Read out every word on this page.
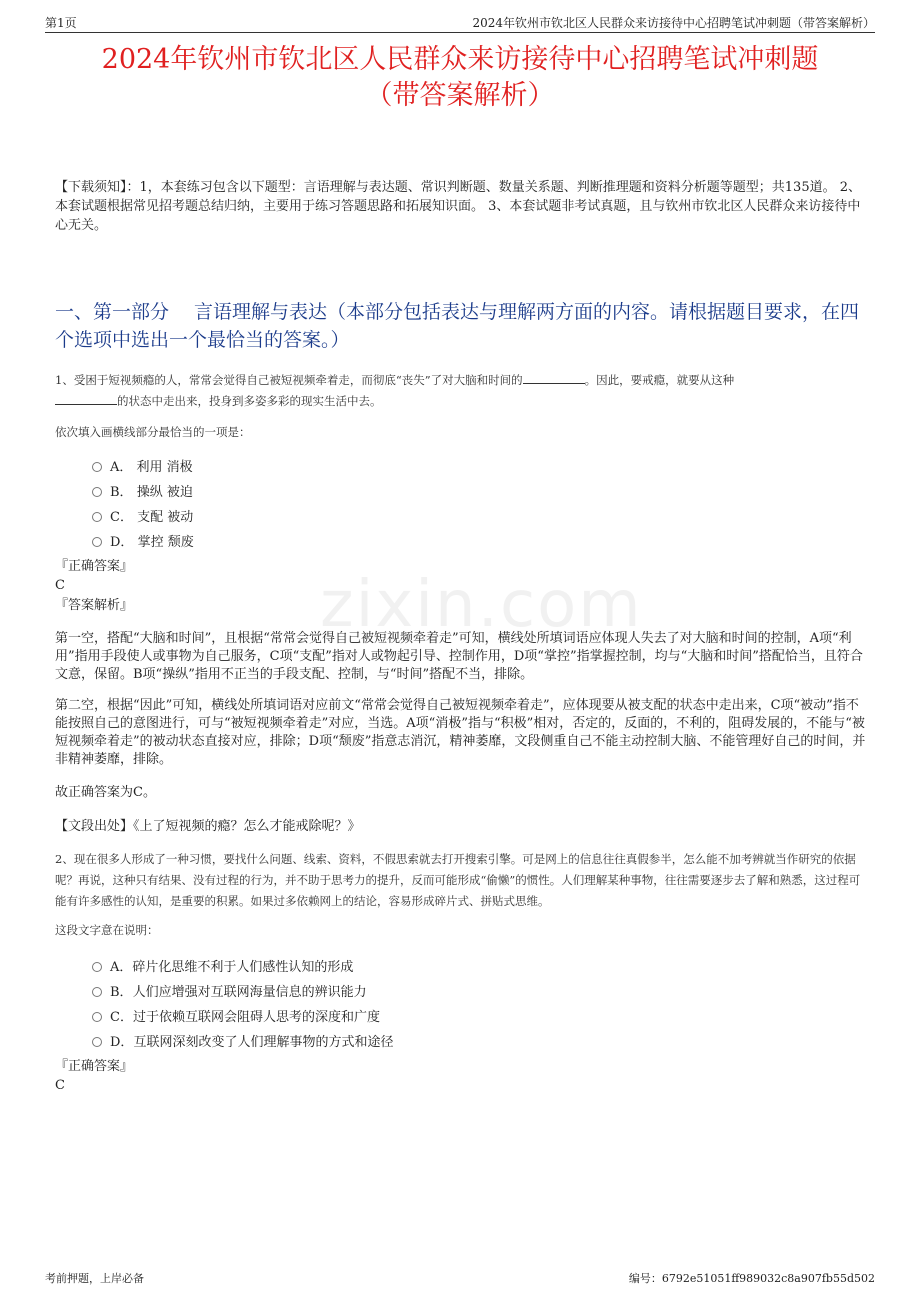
第1页	2024年钦州市钦北区人民群众来访接待中心招聘笔试冲刺题（带答案解析）
2024年钦州市钦北区人民群众来访接待中心招聘笔试冲刺题
（带答案解析）
【下载须知】：1，本套练习包含以下题型：言语理解与表达题、常识判断题、数量关系题、判断推理题和资料分析题等题型；共135道。 2、本套试题根据常见招考题总结归纳，主要用于练习答题思路和拓展知识面。 3、本套试题非考试真题，且与钦州市钦北区人民群众来访接待中心无关。
一、第一部分　 言语理解与表达（本部分包括表达与理解两方面的内容。请根据题目要求，在四个选项中选出一个最恰当的答案。）
zixin.com
1、受困于短视频瘾的人，常常会觉得自己被短视频牵着走，而彻底“丧失”了对大脑和时间的	。因此，要戒瘾，就要从这种
的状态中走出来，投身到多姿多彩的现实生活中去。
依次填入画横线部分最恰当的一项是：
A．
利用 消极
B．
操纵 被迫
C．
支配 被动
D．
掌控 颓废
『正确答案』
C
『答案解析』
第一空，搭配“大脑和时间”，且根据“常常会觉得自己被短视频牵着走”可知，横线处所填词语应体现人失去了对大脑和时间的控制，A项“利用”指用手段使人或事物为自己服务，C项“支配”指对人或物起引导、控制作用，D项“掌控”指掌握控制，均与“大脑和时间”搭配恰当，且符合文意，保留。B项“操纵”指用不正当的手段支配、控制，与“时间”搭配不当，排除。
第二空，根据“因此”可知，横线处所填词语对应前文“常常会觉得自己被短视频牵着走”，应体现要从被支配的状态中走出来，C项“被动”指不能按照自己的意图进行，可与“被短视频牵着走”对应，当选。A项“消极”指与“积极”相对，否定的，反面的，不利的，阻碍发展的，不能与“被短视频牵着走”的被动状态直接对应，排除；D项“颓废”指意志消沉，精神萎靡，文段侧重自己不能主动控制大脑、不能管理好自己的时间，并非精神萎靡，排除。
故正确答案为C。
【文段出处】《上了短视频的瘾？怎么才能戒除呢？》
2、现在很多人形成了一种习惯，要找什么问题、线索、资料，不假思索就去打开搜索引擎。可是网上的信息往往真假参半，怎么能不加考辨就当作研究的依据呢？再说，这种只有结果、没有过程的行为，并不助于思考力的提升，反而可能形成“偷懒”的惯性。人们理解某种事物，往往需要逐步去了解和熟悉，这过程可能有许多感性的认知，是重要的积累。如果过多依赖网上的结论，容易形成碎片式、拼贴式思维。
这段文字意在说明：
A． 碎片化思维不利于人们感性认知的形成
B． 人们应增强对互联网海量信息的辨识能力
C． 过于依赖互联网会阻碍人思考的深度和广度
D． 互联网深刻改变了人们理解事物的方式和途径
『正确答案』
C
考前押题，上岸必备	编号：6792e51051ff989032c8a907fb55d502
